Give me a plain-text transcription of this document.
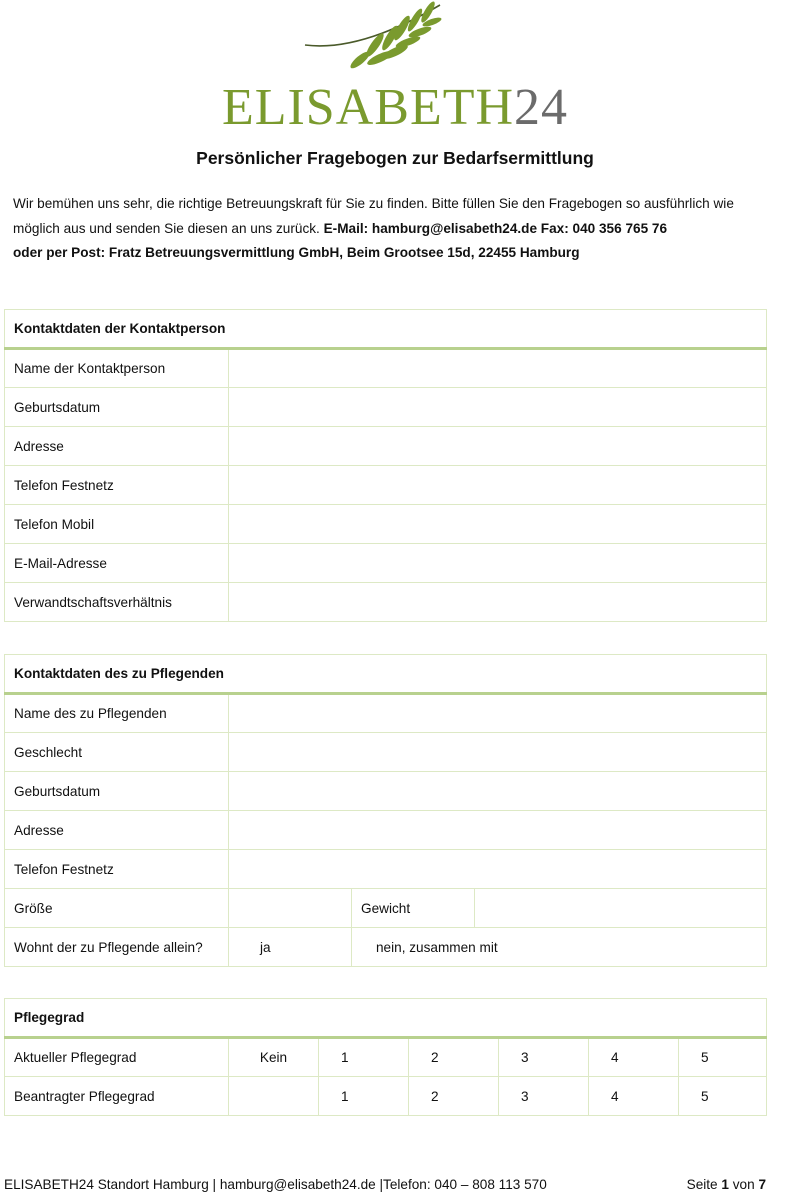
ELISABETH24
Persönlicher Fragebogen zur Bedarfsermittlung
Wir bemühen uns sehr, die richtige Betreuungskraft für Sie zu finden. Bitte füllen Sie den Fragebogen so ausführlich wie möglich aus und senden Sie diesen an uns zurück. E-Mail: hamburg@elisabeth24.de Fax: 040 356 765 76
oder per Post: Fratz Betreuungsvermittlung GmbH, Beim Grootsee 15d, 22455 Hamburg
Kontaktdaten der Kontaktperson	
Name der Kontaktperson	
Geburtsdatum	
Adresse	
Telefon Festnetz	
Telefon Mobil	
E-Mail-Adresse	
Verwandtschaftsverhältnis	
Kontaktdaten des zu Pflegenden			
Name des zu Pflegenden			
Geschlecht			
Geburtsdatum			
Adresse			
Telefon Festnetz			
Größe		Gewicht	
Wohnt der zu Pflegende allein?	ja	nein, zusammen mit	
Pflegegrad						
Aktueller Pflegegrad	Kein	1	2	3	4	5
Beantragter Pflegegrad		1	2	3	4	5
ELISABETH24 Standort Hamburg | hamburg@elisabeth24.de |Telefon: 040 – 808 113 570	Seite 1 von 7
